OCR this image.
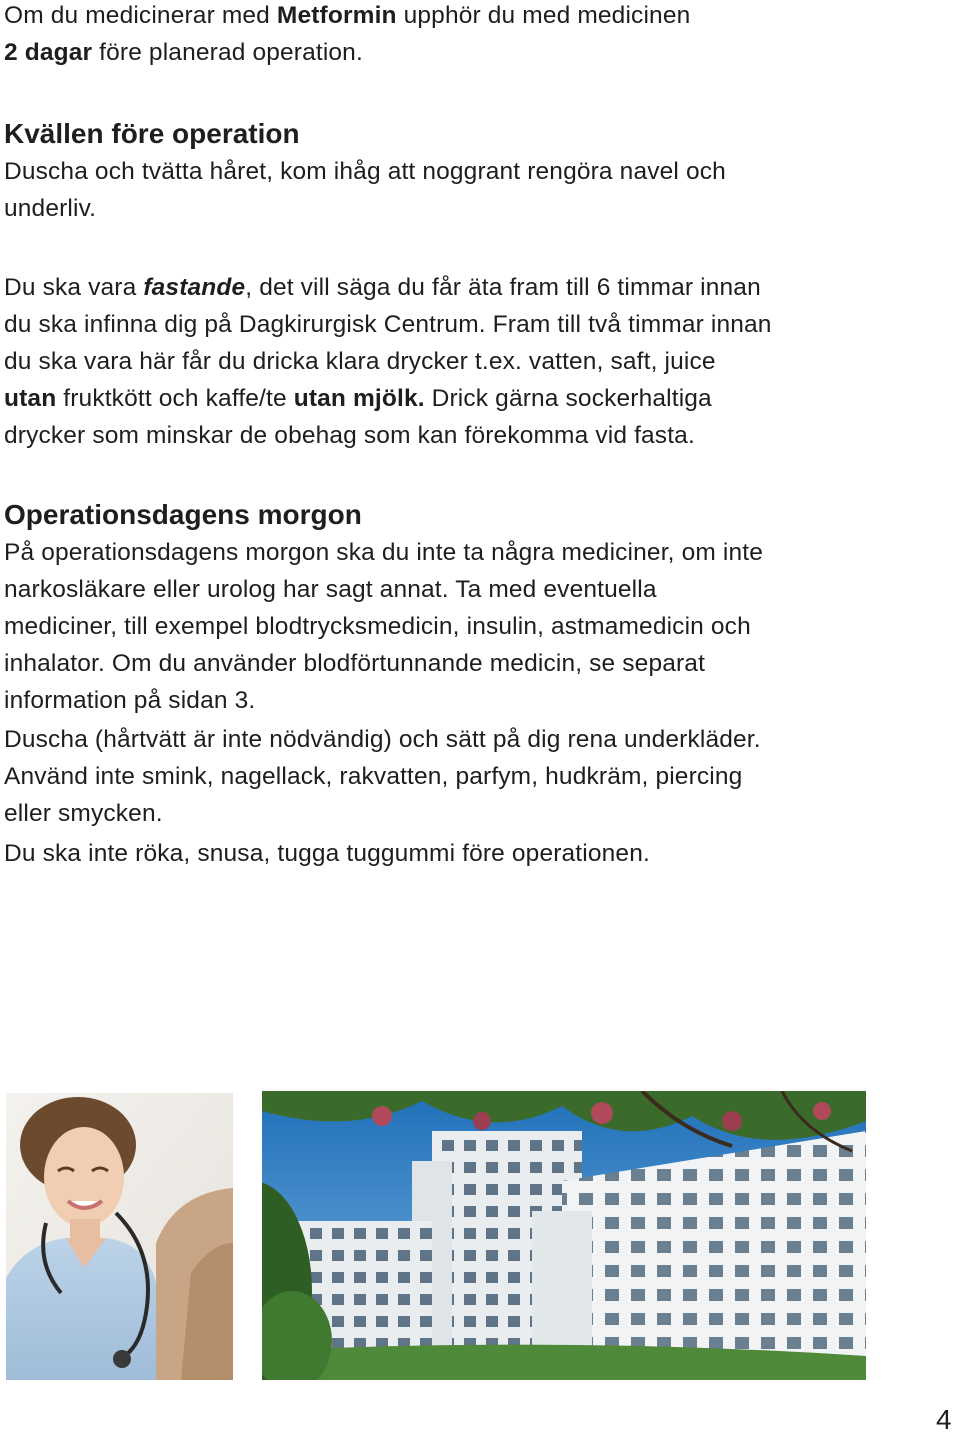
Om du medicinerar med Metformin upphör du med medicinen
2 dagar före planerad operation.
Kvällen före operation
Duscha och tvätta håret, kom ihåg att noggrant rengöra navel och
underliv.
Du ska vara fastande, det vill säga du får äta fram till 6 timmar innan
du ska infinna dig på Dagkirurgisk Centrum. Fram till två timmar innan
du ska vara här får du dricka klara drycker t.ex. vatten, saft, juice
utan fruktkött och kaffe/te utan mjölk. Drick gärna sockerhaltiga
drycker som minskar de obehag som kan förekomma vid fasta.
Operationsdagens morgon
På operationsdagens morgon ska du inte ta några mediciner, om inte
narkosläkare eller urolog har sagt annat. Ta med eventuella
mediciner, till exempel blodtrycksmedicin, insulin, astmamedicin och
inhalator. Om du använder blodförtunnande medicin, se separat
information på sidan 3.
Duscha (hårtvätt är inte nödvändig) och sätt på dig rena underkläder.
Använd inte smink, nagellack, rakvatten, parfym, hudkräm, piercing
eller smycken.
Du ska inte röka, snusa, tugga tuggummi före operationen.
4
